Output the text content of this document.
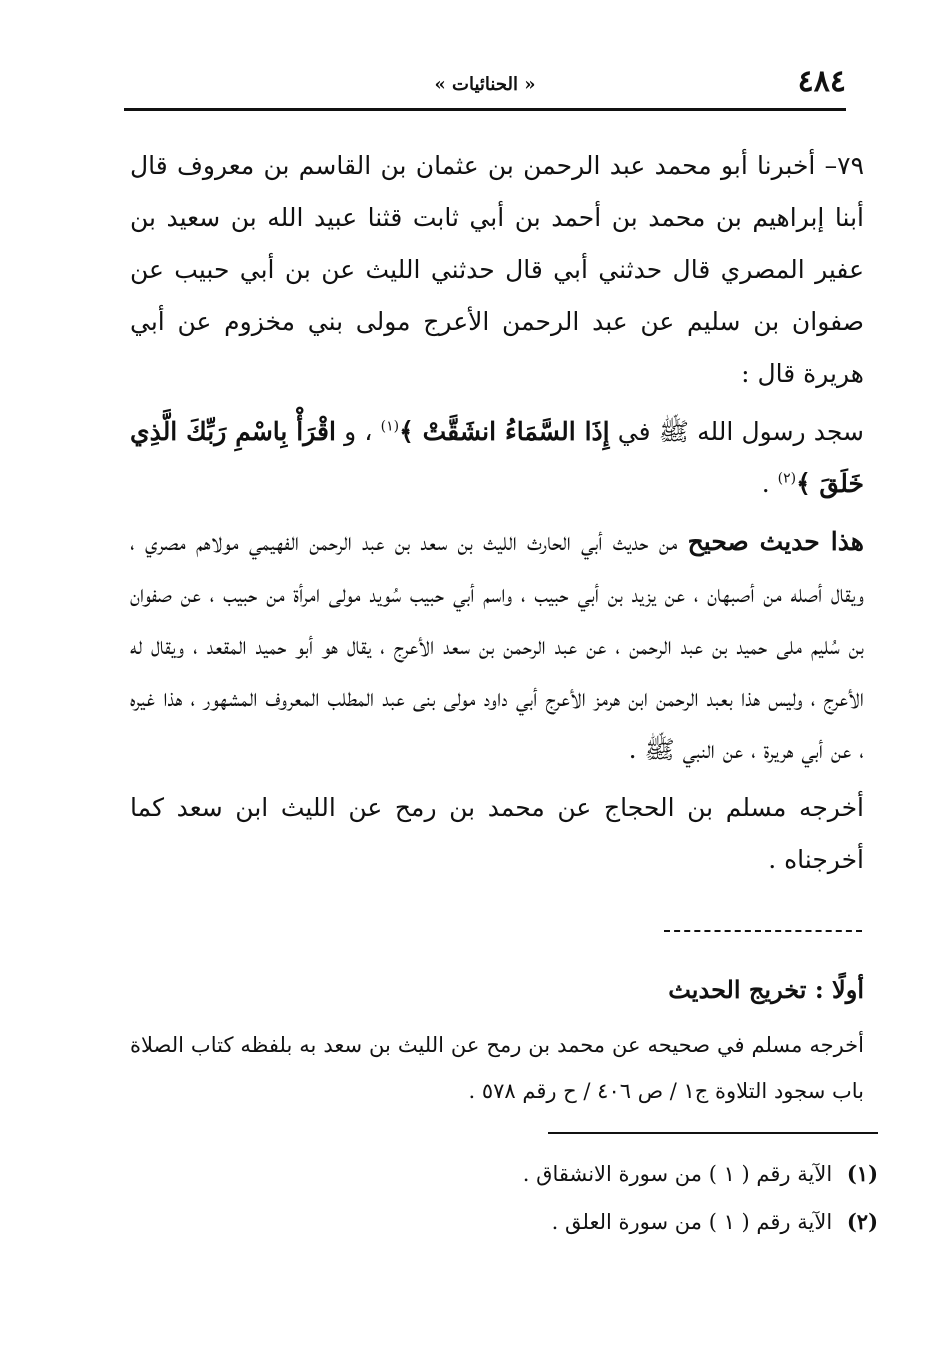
٤٨٤
« الحنائيات »

٧٩– أخبرنا أبو محمد عبد الرحمن بن عثمان بن القاسم بن معروف قال أبنا إبراهيم بن محمد بن أحمد بن أبي ثابت قثنا عبيد الله بن سعيد بن عفير المصري قال حدثني أبي قال حدثني الليث عن بن أبي حبيب عن صفوان بن سليم عن عبد الرحمن الأعرج مولى بني مخزوم عن أبي هريرة قال :

سجد رسول الله ﷺ في إِذَا السَّمَاءُ انشَقَّتْ ﴾$^{(١)}$ ، و اقْرَأْ بِاسْمِ رَبِّكَ الَّذِي خَلَقَ ﴾$^{(٢)}$ .

هذا حديث صحيح من حديث أبي الحارث الليث بن سعد بن عبد الرحمن الفهيمي مولاهم مصري ، ويقال أصله من أصبهان ، عن يزيد بن أبي حبيب ، واسم أبي حبيب سُويد مولى امرأة من حبيب ، عن صفوان بن سُليم ملى حميد بن عبد الرحمن ، عن عبد الرحمن بن سعد الأعرج ، يقال هو أبو حميد المقعد ، ويقال له الأعرج ، وليس هذا بعبد الرحمن ابن هرمز الأعرج أبي داود مولى بنى عبد المطلب المعروف المشهور ، هذا غيره ، عن أبي هريرة ، عن النبي ﷺ .

أخرجه مسلم بن الحجاج عن محمد بن رمح عن الليث ابن سعد كما أخرجناه .

أولًا : تخريج الحديث

أخرجه مسلم في صحيحه عن محمد بن رمح عن الليث بن سعد به بلفظه كتاب الصلاة باب سجود التلاوة ج١ / ص ٤٠٦ / ح رقم ٥٧٨ .

(١) الآية رقم ( ١ ) من سورة الانشقاق .

(٢) الآية رقم ( ١ ) من سورة العلق .
